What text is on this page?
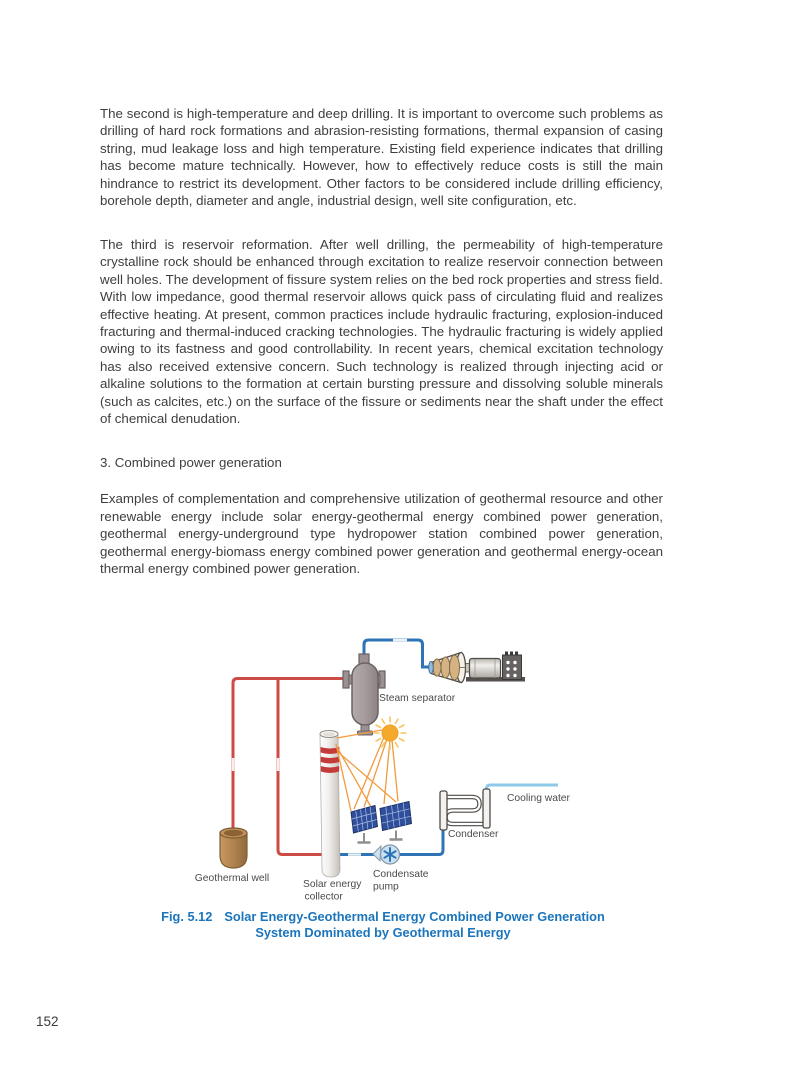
The second is high-temperature and deep drilling. It is important to overcome such problems as drilling of hard rock formations and abrasion-resisting formations, thermal expansion of casing string, mud leakage loss and high temperature. Existing field experience indicates that drilling has become mature technically. However, how to effectively reduce costs is still the main hindrance to restrict its development. Other factors to be considered include drilling efficiency, borehole depth, diameter and angle, industrial design, well site configuration, etc.

The third is reservoir reformation. After well drilling, the permeability of high-temperature crystalline rock should be enhanced through excitation to realize reservoir connection between well holes. The development of fissure system relies on the bed rock properties and stress field. With low impedance, good thermal reservoir allows quick pass of circulating fluid and realizes effective heating. At present, common practices include hydraulic fracturing, explosion-induced fracturing and thermal-induced cracking technologies. The hydraulic fracturing is widely applied owing to its fastness and good controllability. In recent years, chemical excitation technology has also received extensive concern. Such technology is realized through injecting acid or alkaline solutions to the formation at certain bursting pressure and dissolving soluble minerals (such as calcites, etc.) on the surface of the fissure or sediments near the shaft under the effect of chemical denudation.

3. Combined power generation

Examples of complementation and comprehensive utilization of geothermal resource and other renewable energy include solar energy-geothermal energy combined power generation, geothermal energy-underground type hydropower station combined power generation, geothermal energy-biomass energy combined power generation and geothermal energy-ocean thermal energy combined power generation.

Steam separator
Cooling water
Condenser
Condensate
pump
Geothermal well
Solar energy
collector
Fig. 5.12 Solar Energy-Geothermal Energy Combined Power Generation System Dominated by Geothermal Energy
152
